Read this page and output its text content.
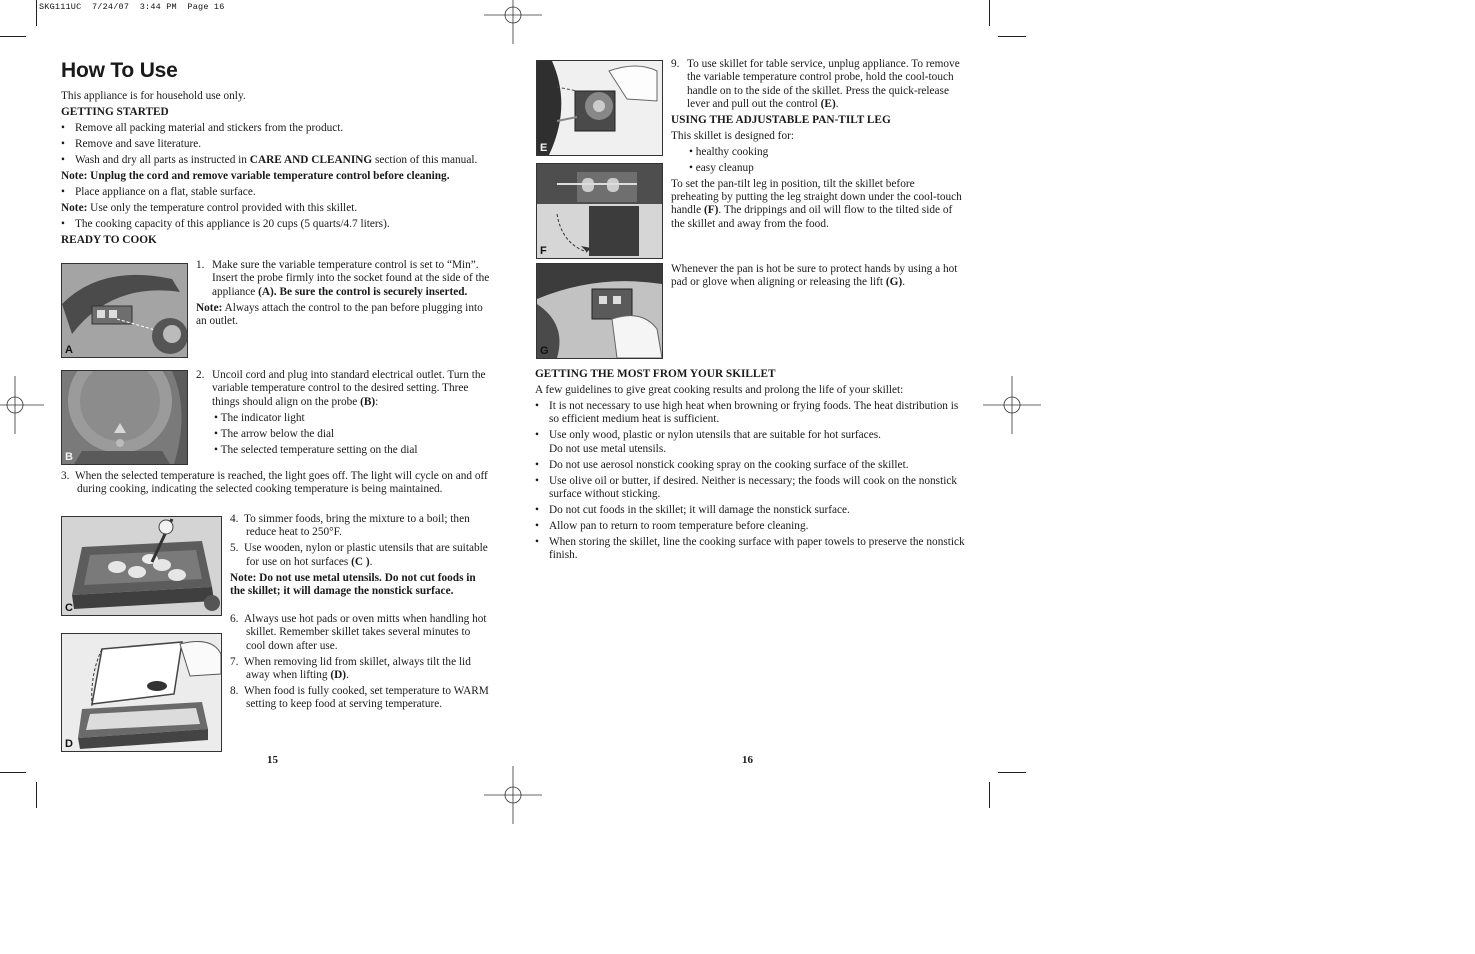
SKG111UC  7/24/07  3:44 PM  Page 16
How To Use

This appliance is for household use only.

GETTING STARTED

• Remove all packing material and stickers from the product.

• Remove and save literature.

• Wash and dry all parts as instructed in CARE AND CLEANING section of this manual.

Note: Unplug the cord and remove variable temperature control before cleaning.

• Place appliance on a flat, stable surface.

Note: Use only the temperature control provided with this skillet.

• The cooking capacity of this appliance is 20 cups (5 quarts/4.7 liters).

READY TO COOK

A

1. Make sure the variable temperature control is set to “Min”. Insert the probe firmly into the socket found at the side of the appliance (A). Be sure the control is securely inserted.

Note: Always attach the control to the pan before plugging into an outlet.

B

2. Uncoil cord and plug into standard electrical outlet. Turn the variable temperature control to the desired setting. Three things should align on the probe (B):

• The indicator light

• The arrow below the dial

• The selected temperature setting on the dial

3. When the selected temperature is reached, the light goes off. The light will cycle on and off during cooking, indicating the selected cooking temperature is being maintained.

C

4. To simmer foods, bring the mixture to a boil; then reduce heat to 250°F.

5. Use wooden, nylon or plastic utensils that are suitable for use on hot surfaces (C ).

Note: Do not use metal utensils. Do not cut foods in the skillet; it will damage the nonstick surface.

D

6. Always use hot pads or oven mitts when handling hot skillet. Remember skillet takes several minutes to cool down after use.

7. When removing lid from skillet, always tilt the lid away when lifting (D).

8. When food is fully cooked, set temperature to WARM setting to keep food at serving temperature.

15
E

9. To use skillet for table service, unplug appliance. To remove the variable temperature control probe, hold the cool-touch handle on to the side of the skillet. Press the quick-release lever and pull out the control (E).

USING THE ADJUSTABLE PAN-TILT LEG

This skillet is designed for:

• healthy cooking

• easy cleanup

To set the pan-tilt leg in position, tilt the skillet before preheating by putting the leg straight down under the cool-touch handle (F). The drippings and oil will flow to the tilted side of the skillet and away from the food.

F
G

Whenever the pan is hot be sure to protect hands by using a hot pad or glove when aligning or releasing the lift (G).

GETTING THE MOST FROM YOUR SKILLET

A few guidelines to give great cooking results and prolong the life of your skillet:

• It is not necessary to use high heat when browning or frying foods. The heat distribution is so efficient medium heat is sufficient.

• Use only wood, plastic or nylon utensils that are suitable for hot surfaces.
Do not use metal utensils.

• Do not use aerosol nonstick cooking spray on the cooking surface of the skillet.

• Use olive oil or butter, if desired. Neither is necessary; the foods will cook on the nonstick surface without sticking.

• Do not cut foods in the skillet; it will damage the nonstick surface.

• Allow pan to return to room temperature before cleaning.

• When storing the skillet, line the cooking surface with paper towels to preserve the nonstick finish.

16
